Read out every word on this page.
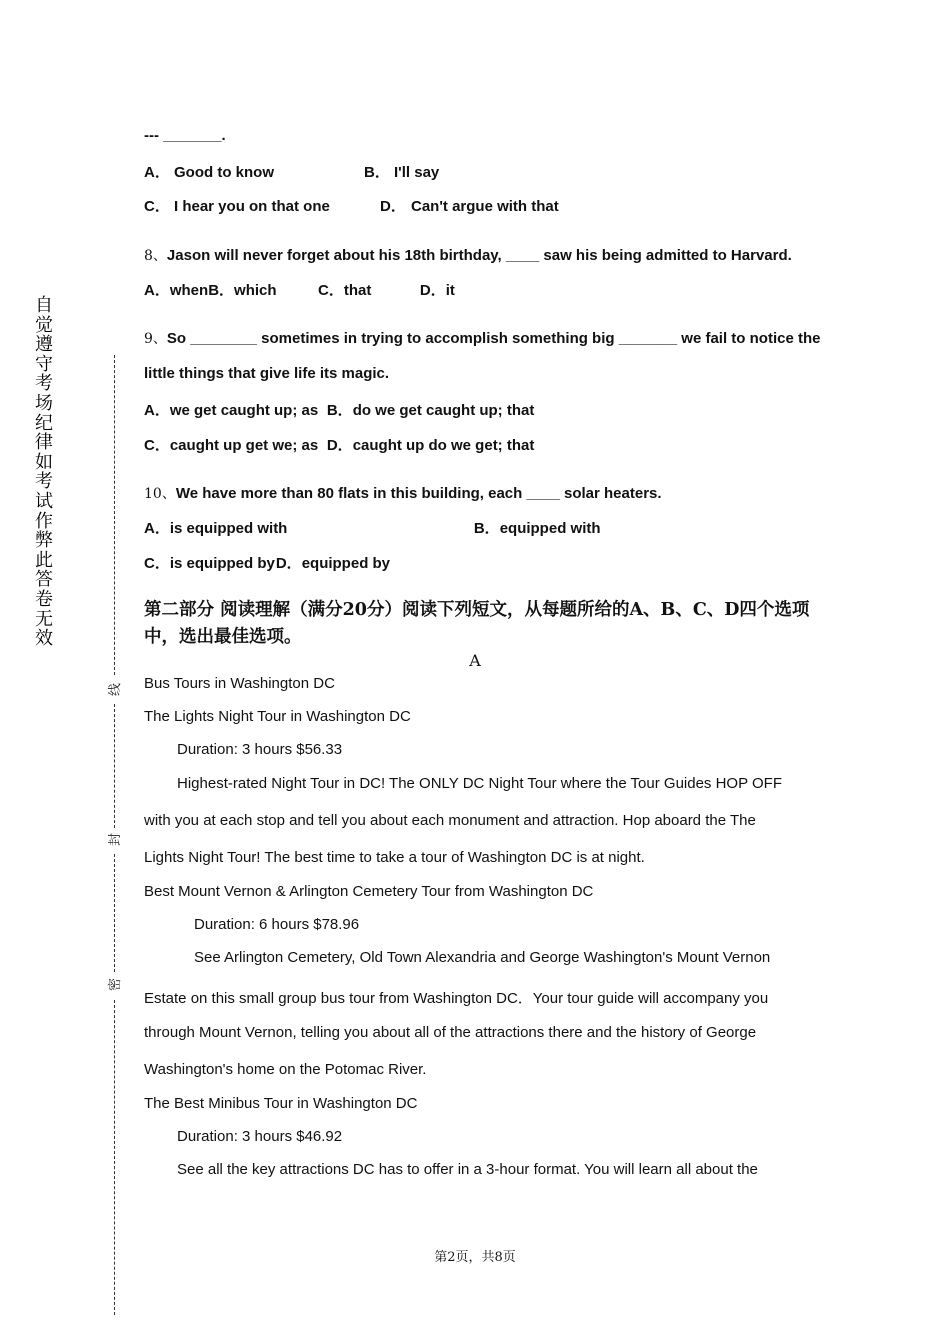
自
觉
遵
守
考
场
纪
律
如
考
试
作
弊
此
答
卷
无
效
线
封
密
--- _______.
A． Good to know	B． I'll say
C． I hear you on that one	D． Can't argue with that
8、Jason will never forget about his 18th birthday, ____ saw his being admitted to Harvard.
A．whenB．which	C．that	D．it
9、So ________ sometimes in trying to accomplish something big _______ we fail to notice the
little things that give life its magic.
A．we get caught up; as B．do we get caught up; that
C．caught up get we; as D．caught up do we get; that
10、We have more than 80 flats in this building, each ____ solar heaters.
A．is equipped with	B．equipped with
C．is equipped byD．equipped by
第二部分 阅读理解（满分20分）阅读下列短文，从每题所给的A、B、C、D四个选项中，选出最佳选项。
A
Bus Tours in Washington DC
The Lights Night Tour in Washington DC
Duration: 3 hours $56.33
Highest-rated Night Tour in DC! The ONLY DC Night Tour where the Tour Guides HOP OFF
with you at each stop and tell you about each monument and attraction. Hop aboard the The
Lights Night Tour! The best time to take a tour of Washington DC is at night.
Best Mount Vernon & Arlington Cemetery Tour from Washington DC
Duration: 6 hours $78.96
See Arlington Cemetery, Old Town Alexandria and George Washington's Mount Vernon
Estate on this small group bus tour from Washington DC．Your tour guide will accompany you
through Mount Vernon, telling you about all of the attractions there and the history of George
Washington's home on the Potomac River.
The Best Minibus Tour in Washington DC
Duration: 3 hours $46.92
See all the key attractions DC has to offer in a 3-hour format. You will learn all about the
第2页，共8页
